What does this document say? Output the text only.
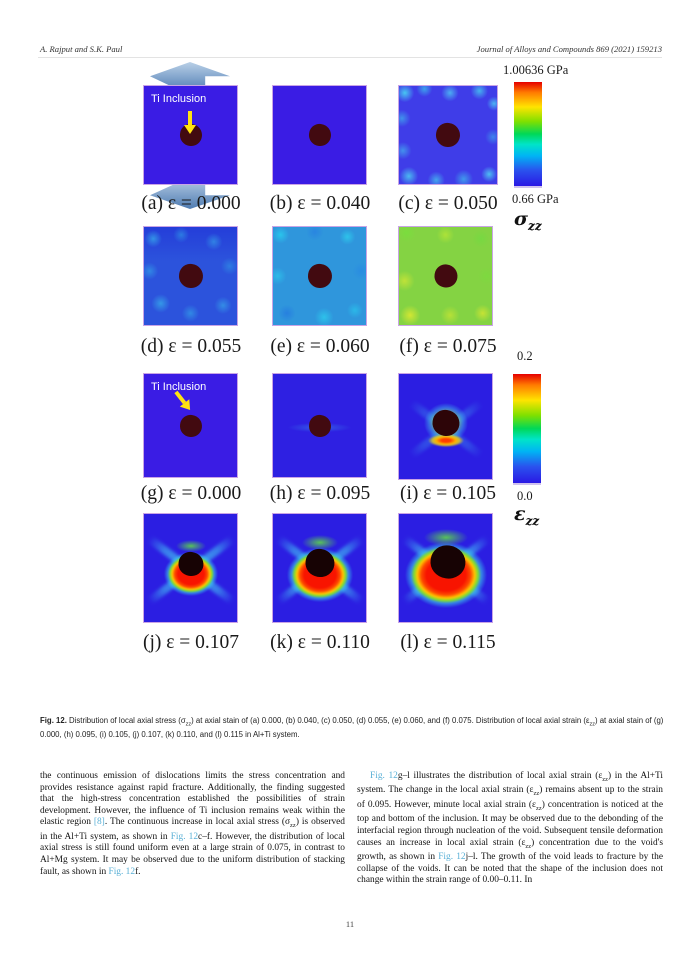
A. Rajput and S.K. Paul	Journal of Alloys and Compounds 869 (2021) 159213
Ti Inclusion
(a) ε = 0.000	(b) ε = 0.040	(c) ε = 0.050
(d) ε = 0.055	(e) ε = 0.060	(f) ε = 0.075
Ti Inclusion
(g) ε = 0.000	(h) ε = 0.095	(i) ε = 0.105
(j) ε = 0.107	(k) ε = 0.110	(l) ε = 0.115
1.00636 GPa
0.66 GPa
$\sigma_{zz}$
0.2
0.0
$\varepsilon_{zz}$
Fig. 12. Distribution of local axial stress $(\sigma_{zz})$ at axial stain of (a) 0.000, (b) 0.040, (c) 0.050, (d) 0.055, (e) 0.060, and (f) 0.075. Distribution of local axial strain $(\varepsilon_{zz})$ at axial stain of (g) 0.000, (h) 0.095, (i) 0.105, (j) 0.107, (k) 0.110, and (l) 0.115 in Al+Ti system.

the continuous emission of dislocations limits the stress concentration and provides resistance against rapid fracture. Additionally, the finding suggested that the high-stress concentration established the possibilities of strain development. However, the influence of Ti inclusion remains weak within the elastic region [8]. The continuous increase in local axial stress $(\sigma_{zz})$ is observed in the Al+Ti system, as shown in Fig. 12c–f. However, the distribution of local axial stress is still found uniform even at a large strain of 0.075, in contrast to Al+Mg system. It may be observed due to the uniform distribution of stacking fault, as shown in Fig. 12f.

Fig. 12g–l illustrates the distribution of local axial strain $(\varepsilon_{zz})$ in the Al+Ti system. The change in the local axial strain $(\varepsilon_{zz})$ remains absent up to the strain of 0.095. However, minute local axial strain $(\varepsilon_{zz})$ concentration is noticed at the top and bottom of the inclusion. It may be observed due to the debonding of the interfacial region through nucleation of the void. Subsequent tensile deformation causes an increase in local axial strain $(\varepsilon_{zz})$ concentration due to the void's growth, as shown in Fig. 12j–l. The growth of the void leads to fracture by the collapse of the voids. It can be noted that the shape of the inclusion does not change within the strain range of 0.00–0.11. In

11
